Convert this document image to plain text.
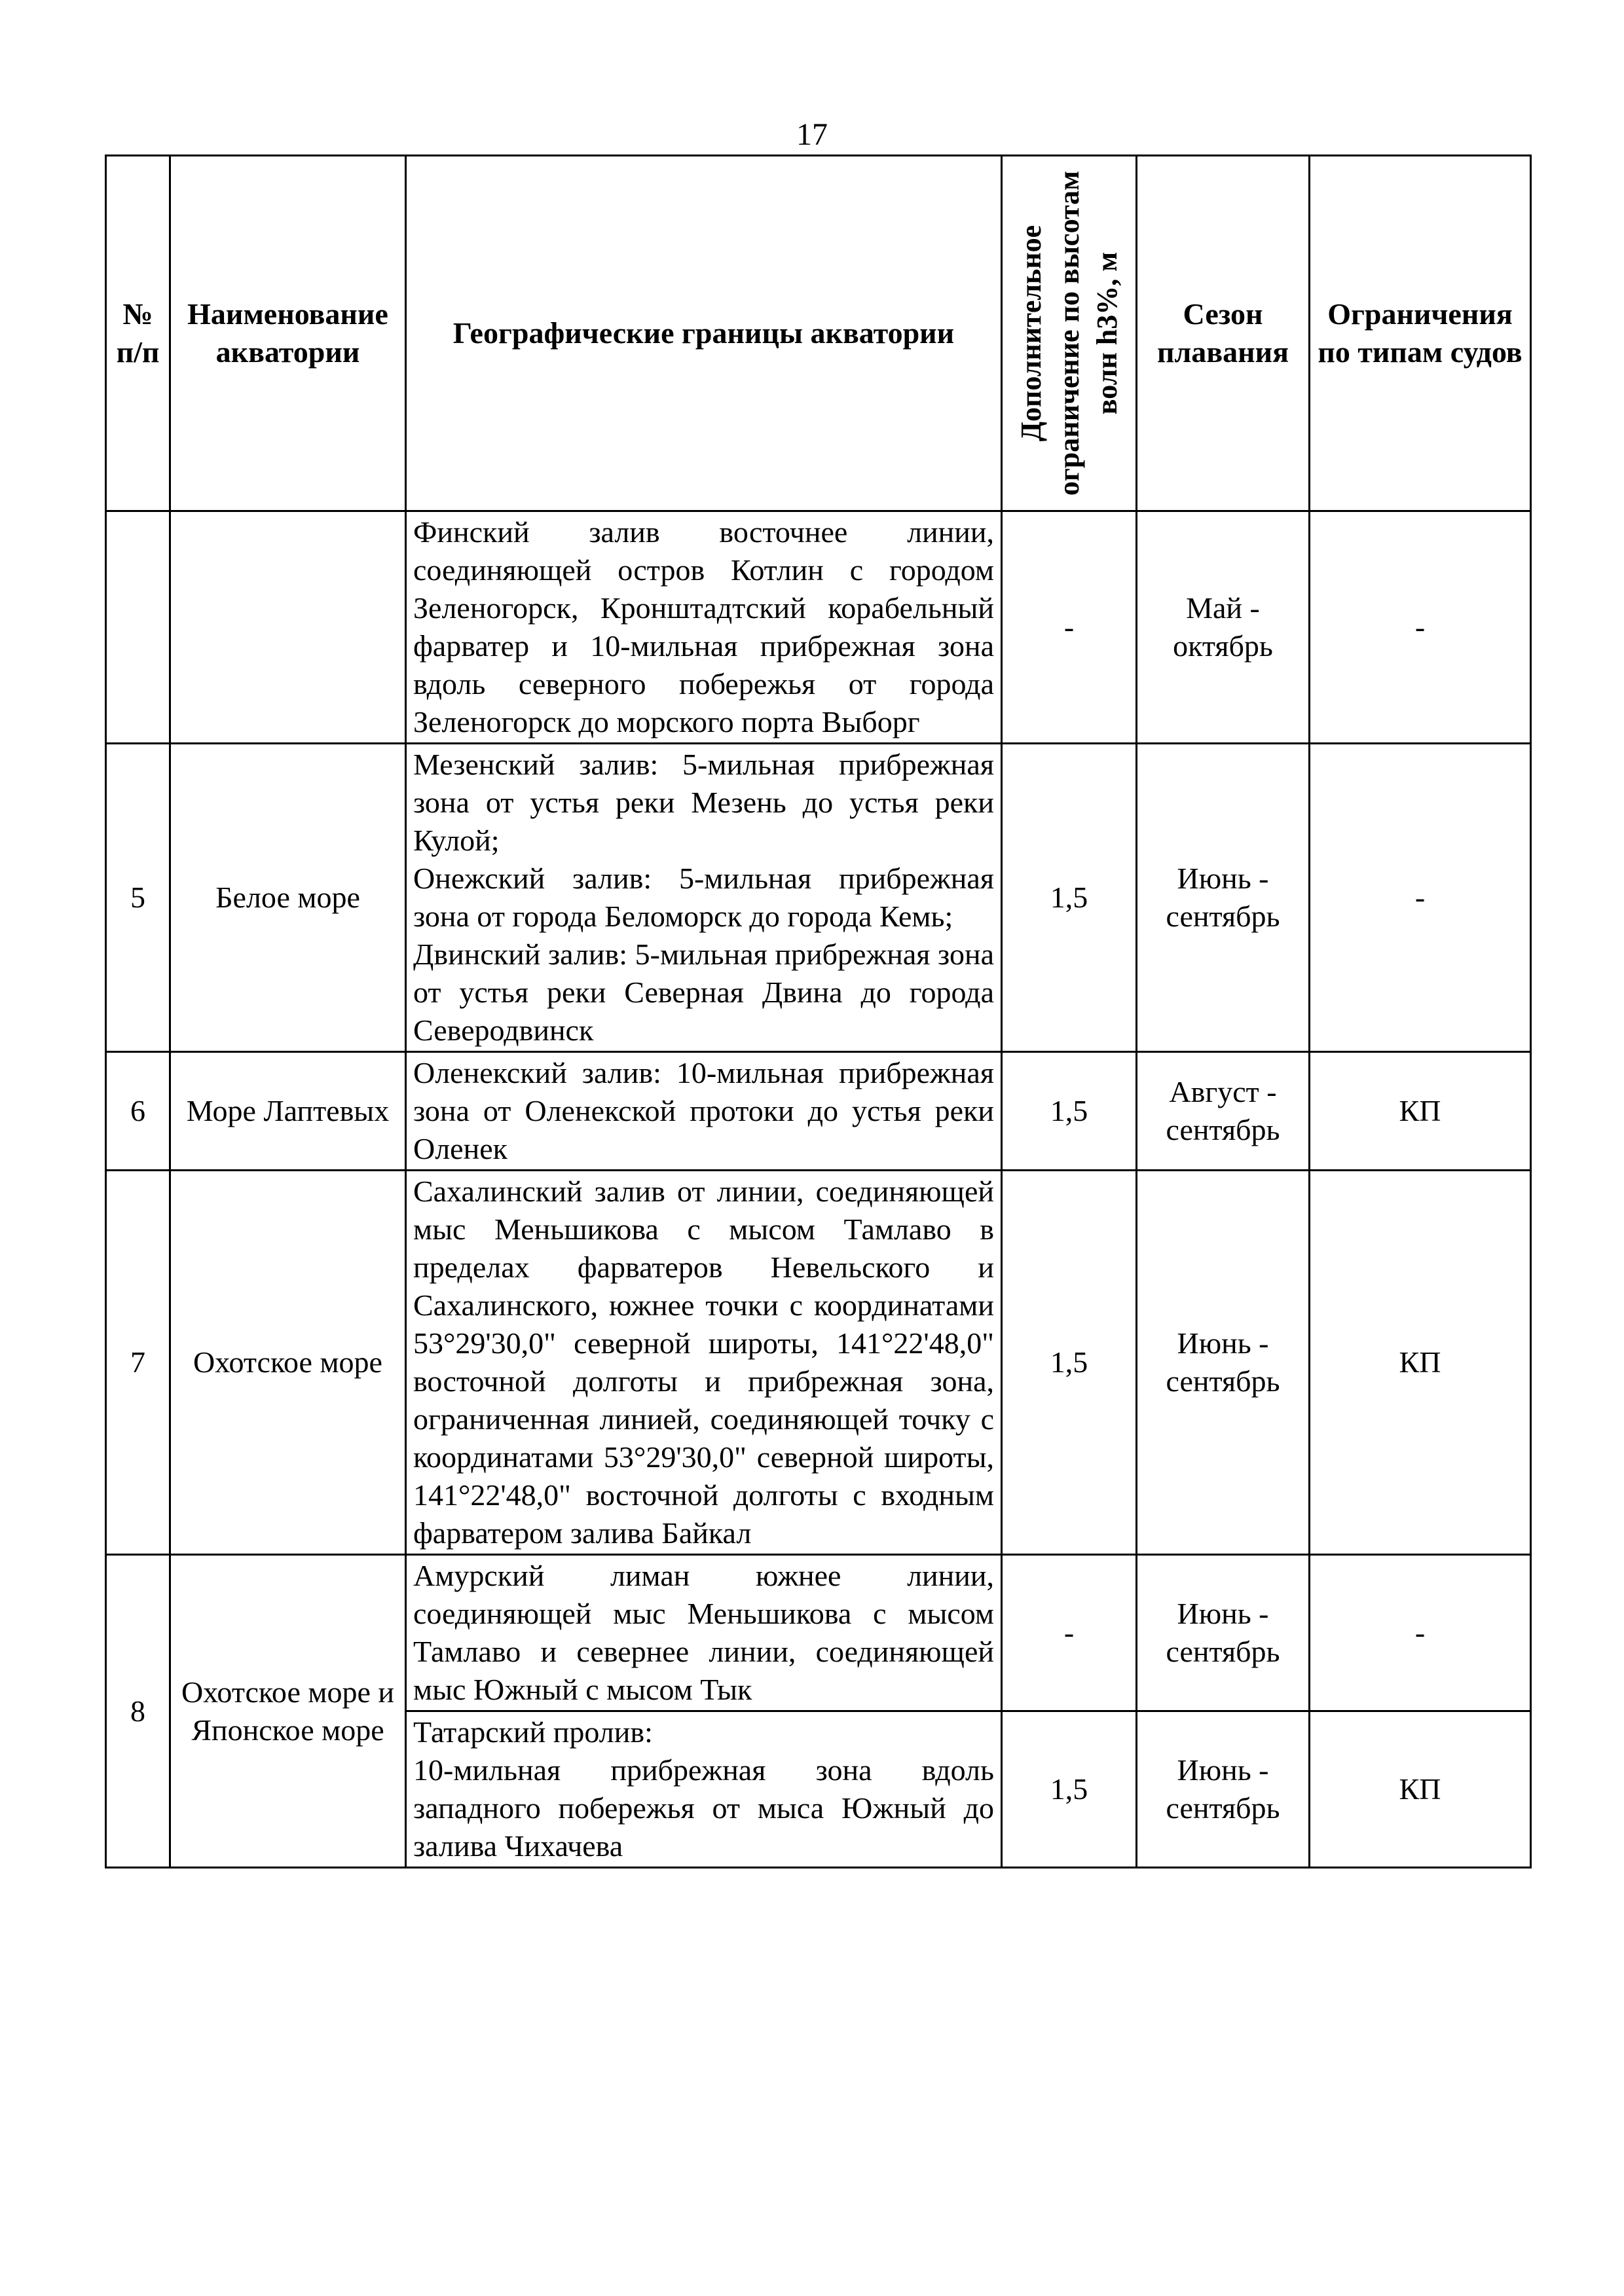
17
№ п/п	Наименование акватории	Географические границы акватории	Дополнительное ограничение по высотам волн h3%, м	Сезон плавания	Ограничения по типам судов
		Финский залив восточнее линии, соединяющей остров Котлин с городом Зеленогорск, Кронштадтский корабельный фарватер и 10-мильная прибрежная зона вдоль северного побережья от города Зеленогорск до морского порта Выборг	-	Май - октябрь	-
5	Белое море	Мезенский залив: 5-мильная прибрежная зона от устья реки Мезень до устья реки Кулой;
Онежский залив: 5-мильная прибрежная зона от города Беломорск до города Кемь;
Двинский залив: 5-мильная прибрежная зона от устья реки Северная Двина до города Северодвинск	1,5	Июнь - сентябрь	-
6	Море Лаптевых	Оленекский залив: 10-мильная прибрежная зона от Оленекской протоки до устья реки Оленек	1,5	Август - сентябрь	КП
7	Охотское море	Сахалинский залив от линии, соединяющей мыс Меньшикова с мысом Тамлаво в пределах фарватеров Невельского и Сахалинского, южнее точки с координатами 53°29'30,0" северной широты, 141°22'48,0" восточной долготы и прибрежная зона, ограниченная линией, соединяющей точку с координатами 53°29'30,0" северной широты, 141°22'48,0" восточной долготы с входным фарватером залива Байкал	1,5	Июнь - сентябрь	КП
8	Охотское море и Японское море	Амурский лиман южнее линии, соединяющей мыс Меньшикова с мысом Тамлаво и севернее линии, соединяющей мыс Южный с мысом Тык	-	Июнь - сентябрь	-

		Татарский пролив:
10-мильная прибрежная зона вдоль западного побережья от мыса Южный до залива Чихачева	1,5	Июнь - сентябрь	КП
